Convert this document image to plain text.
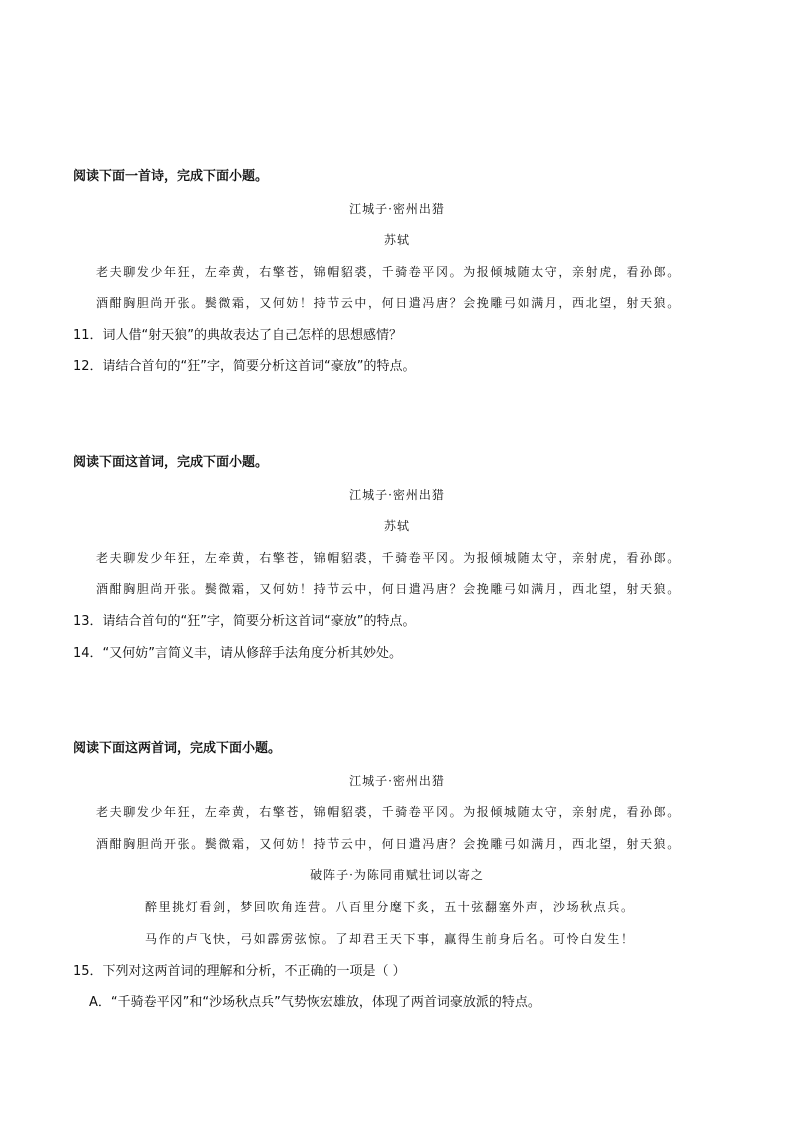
阅读下面一首诗，完成下面小题。
江城子·密州出猎
苏轼
老夫聊发少年狂，左牵黄，右擎苍，锦帽貂裘，千骑卷平冈。为报倾城随太守，亲射虎，看孙郎。
酒酣胸胆尚开张。鬓微霜，又何妨！持节云中，何日遣冯唐？会挽雕弓如满月，西北望，射天狼。
11．词人借“射天狼”的典故表达了自己怎样的思想感情？
12．请结合首句的“狂”字，简要分析这首词“豪放”的特点。
阅读下面这首词，完成下面小题。
江城子·密州出猎
苏轼
老夫聊发少年狂，左牵黄，右擎苍，锦帽貂裘，千骑卷平冈。为报倾城随太守，亲射虎，看孙郎。
酒酣胸胆尚开张。鬓微霜，又何妨！持节云中，何日遣冯唐？会挽雕弓如满月，西北望，射天狼。
13．请结合首句的“狂”字，简要分析这首词“豪放”的特点。
14．“又何妨”言简义丰，请从修辞手法角度分析其妙处。
阅读下面这两首词，完成下面小题。
江城子·密州出猎
老夫聊发少年狂，左牵黄，右擎苍，锦帽貂裘，千骑卷平冈。为报倾城随太守，亲射虎，看孙郎。
酒酣胸胆尚开张。鬓微霜，又何妨！持节云中，何日遣冯唐？会挽雕弓如满月，西北望，射天狼。
破阵子·为陈同甫赋壮词以寄之
醉里挑灯看剑，梦回吹角连营。八百里分麾下炙，五十弦翻塞外声，沙场秋点兵。
马作的卢飞快，弓如霹雳弦惊。了却君王天下事，赢得生前身后名。可怜白发生！
15．下列对这两首词的理解和分析，不正确的一项是（ ）
A．“千骑卷平冈”和“沙场秋点兵”气势恢宏雄放，体现了两首词豪放派的特点。
